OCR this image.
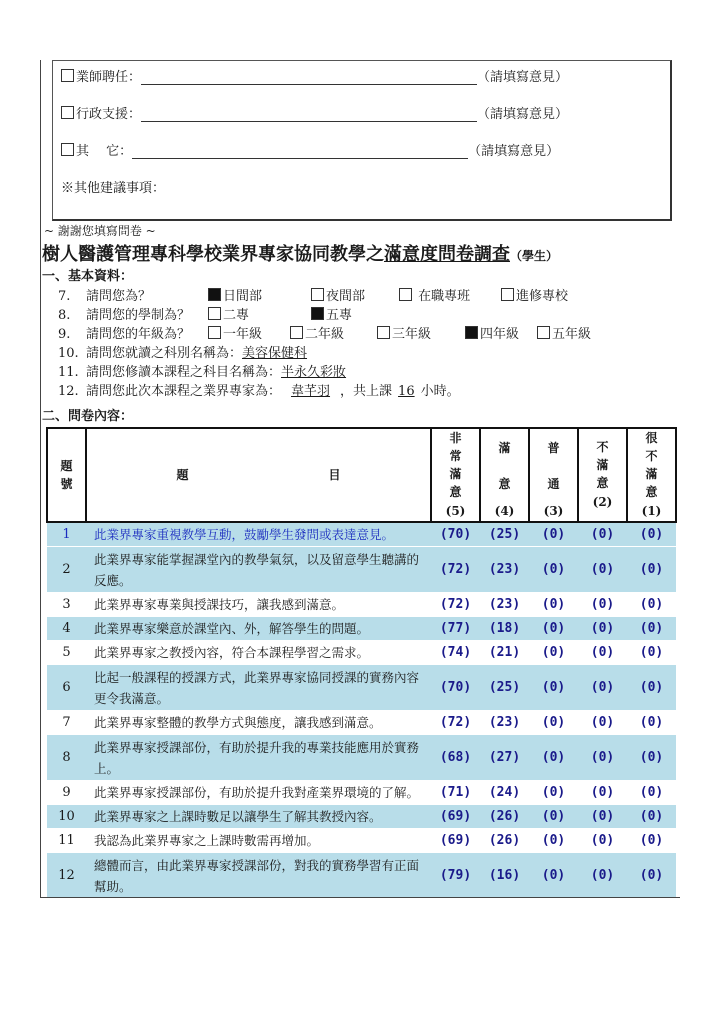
業師聘任：	（請填寫意見）
行政支援：	（請填寫意見）
其　 它：	（請填寫意見）
※其他建議事項：
~ 謝謝您填寫問卷 ~
樹人醫護管理專科學校業界專家協同教學之滿意度問卷調查（學生）
一、基本資料：
7. 請問您為？	日間部	夜間部	在職專班	進修專校
8. 請問您的學制為？	二專	五專
9. 請問您的年級為？	一年級	二年級	三年級	四年級	五年級
10. 請問您就讀之科別名稱為：美容保健科
11. 請問您修讀本課程之科目名稱為：半永久彩妝
12. 請問您此次本課程之業界專家為： 韋芊羽 ，共上課 16 小時。
二、問卷內容：
題
號	題 目	非
常
滿
意
(5)	滿
意
(4)	普
通
(3)	不
滿
意
(2)	很
不
滿
意
(1)
1	此業界專家重視教學互動，鼓勵學生發問或表達意見。	(70)	(25)	(0)	(0)	(0)
2	此業界專家能掌握課堂內的教學氣氛，以及留意學生聽講的反應。	(72)	(23)	(0)	(0)	(0)
3	此業界專家專業與授課技巧，讓我感到滿意。	(72)	(23)	(0)	(0)	(0)
4	此業界專家樂意於課堂內、外，解答學生的問題。	(77)	(18)	(0)	(0)	(0)
5	此業界專家之教授內容，符合本課程學習之需求。	(74)	(21)	(0)	(0)	(0)
6	比起一般課程的授課方式，此業界專家協同授課的實務內容更令我滿意。	(70)	(25)	(0)	(0)	(0)
7	此業界專家整體的教學方式與態度，讓我感到滿意。	(72)	(23)	(0)	(0)	(0)
8	此業界專家授課部份，有助於提升我的專業技能應用於實務上。	(68)	(27)	(0)	(0)	(0)
9	此業界專家授課部份，有助於提升我對產業界環境的了解。	(71)	(24)	(0)	(0)	(0)
10	此業界專家之上課時數足以讓學生了解其教授內容。	(69)	(26)	(0)	(0)	(0)
11	我認為此業界專家之上課時數需再增加。	(69)	(26)	(0)	(0)	(0)
12	總體而言，由此業界專家授課部份，對我的實務學習有正面幫助。	(79)	(16)	(0)	(0)	(0)
